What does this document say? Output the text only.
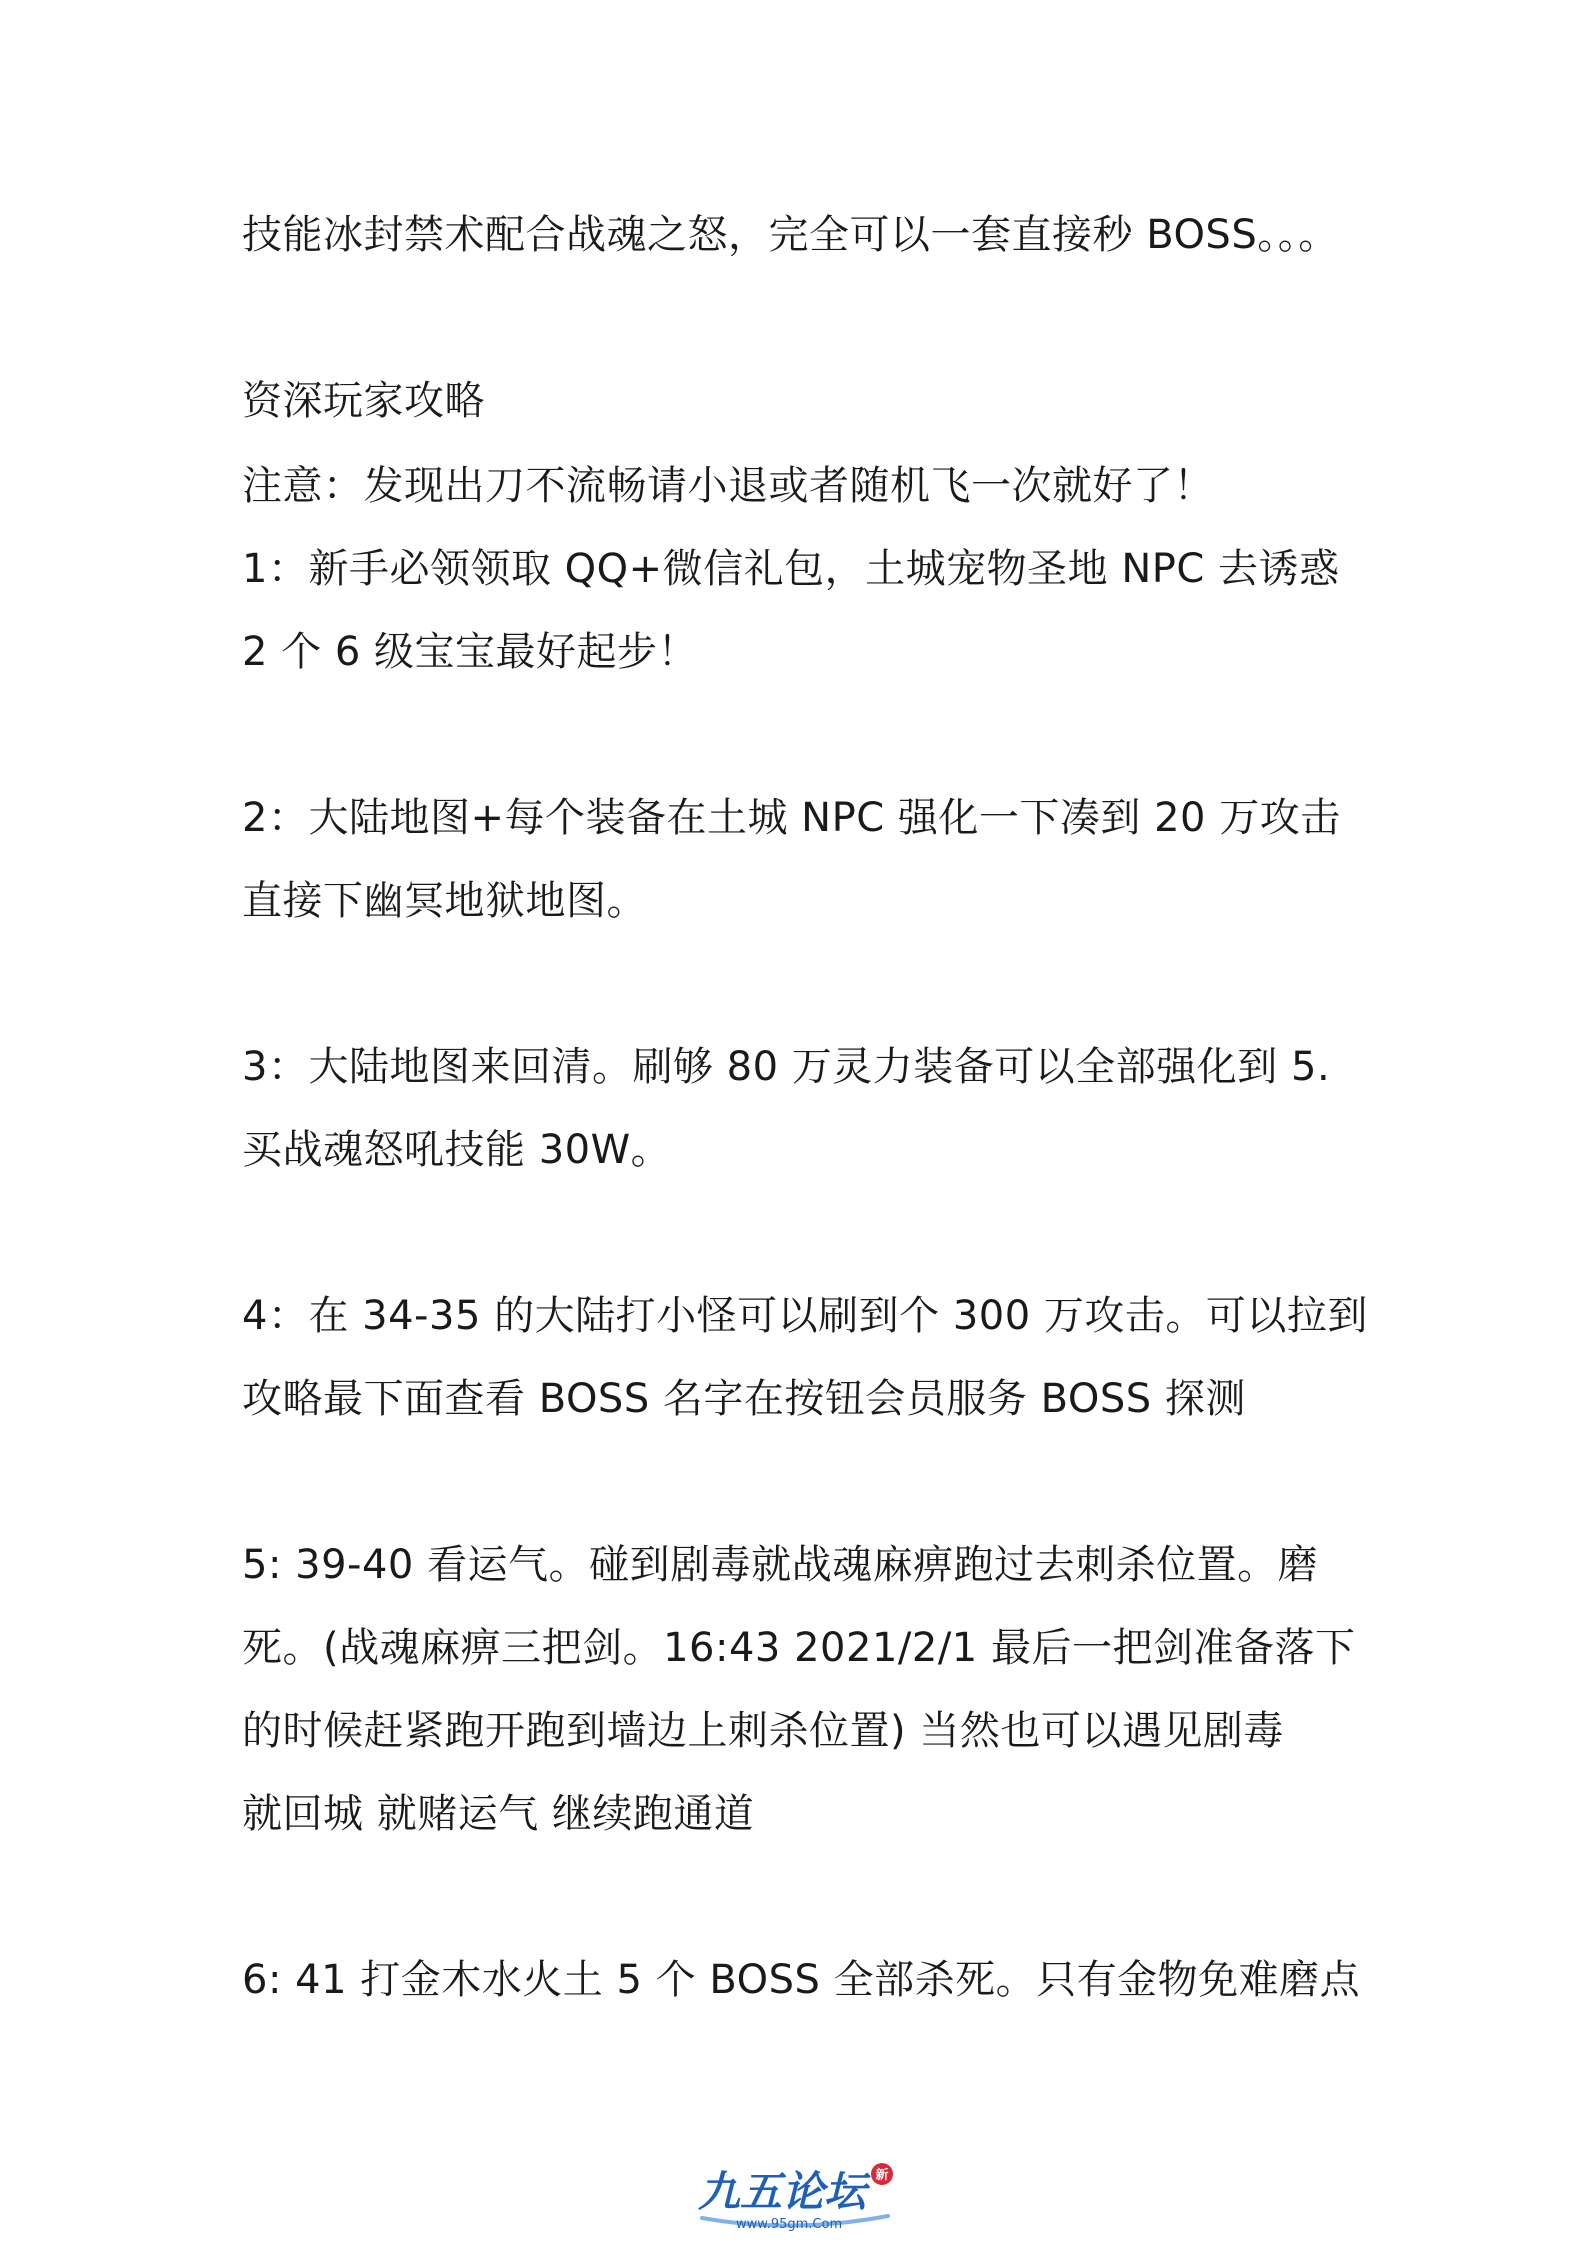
技能冰封禁术配合战魂之怒，完全可以一套直接秒 BOSS。。。
资深玩家攻略
注意：发现出刀不流畅请小退或者随机飞一次就好了！
1：新手必领领取 QQ+微信礼包，土城宠物圣地 NPC 去诱惑
2 个 6 级宝宝最好起步！
2：大陆地图+每个装备在土城 NPC 强化一下凑到 20 万攻击
直接下幽冥地狱地图。
3：大陆地图来回清。刷够 80 万灵力装备可以全部强化到 5.
买战魂怒吼技能 30W。
4：在 34-35 的大陆打小怪可以刷到个 300 万攻击。可以拉到
攻略最下面查看 BOSS 名字在按钮会员服务 BOSS 探测
5: 39-40 看运气。碰到剧毒就战魂麻痹跑过去刺杀位置。磨
死。(战魂麻痹三把剑。16:43 2021/2/1 最后一把剑准备落下
的时候赶紧跑开跑到墙边上刺杀位置) 当然也可以遇见剧毒
就回城 就赌运气 继续跑通道
6: 41 打金木水火土 5 个 BOSS 全部杀死。只有金物免难磨点
九五论坛 新
www.95gm.Com
